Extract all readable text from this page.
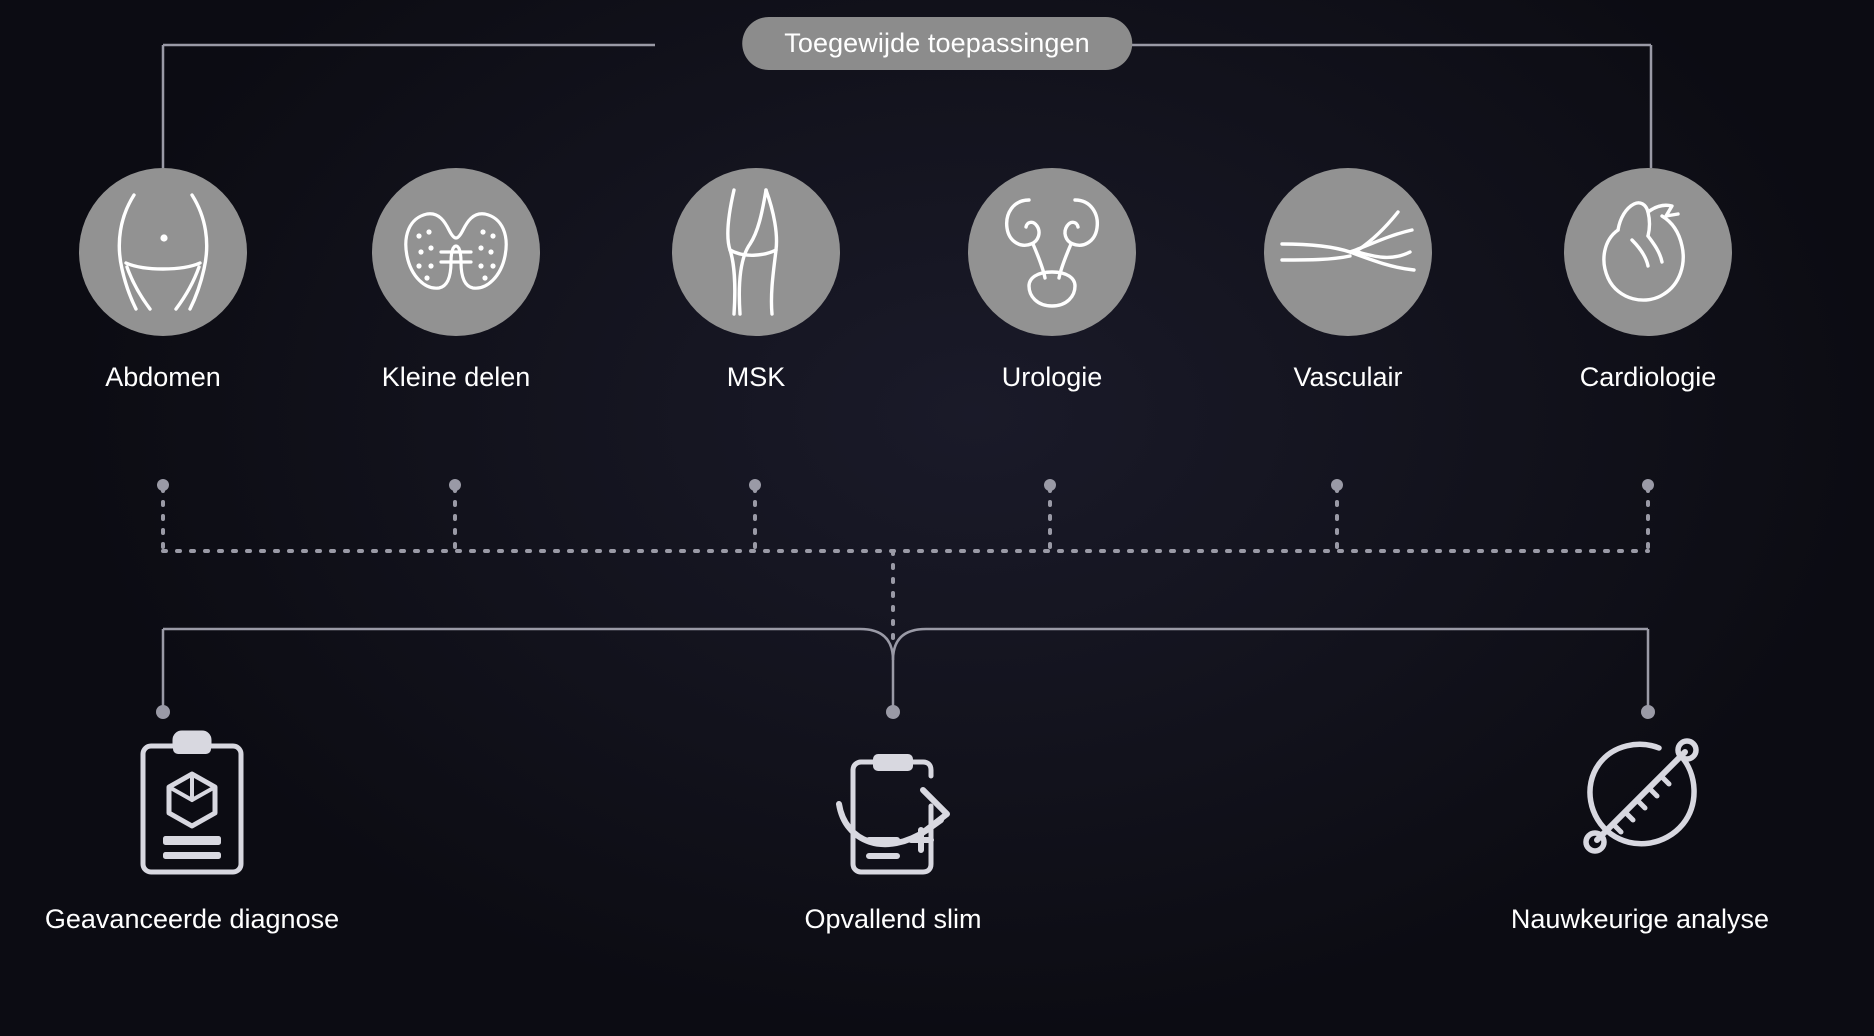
Toegewijde toepassingen
Abdomen	Kleine delen	MSK	Urologie	Vasculair	Cardiologie
Geavanceerde diagnose	Opvallend slim	Nauwkeurige analyse
